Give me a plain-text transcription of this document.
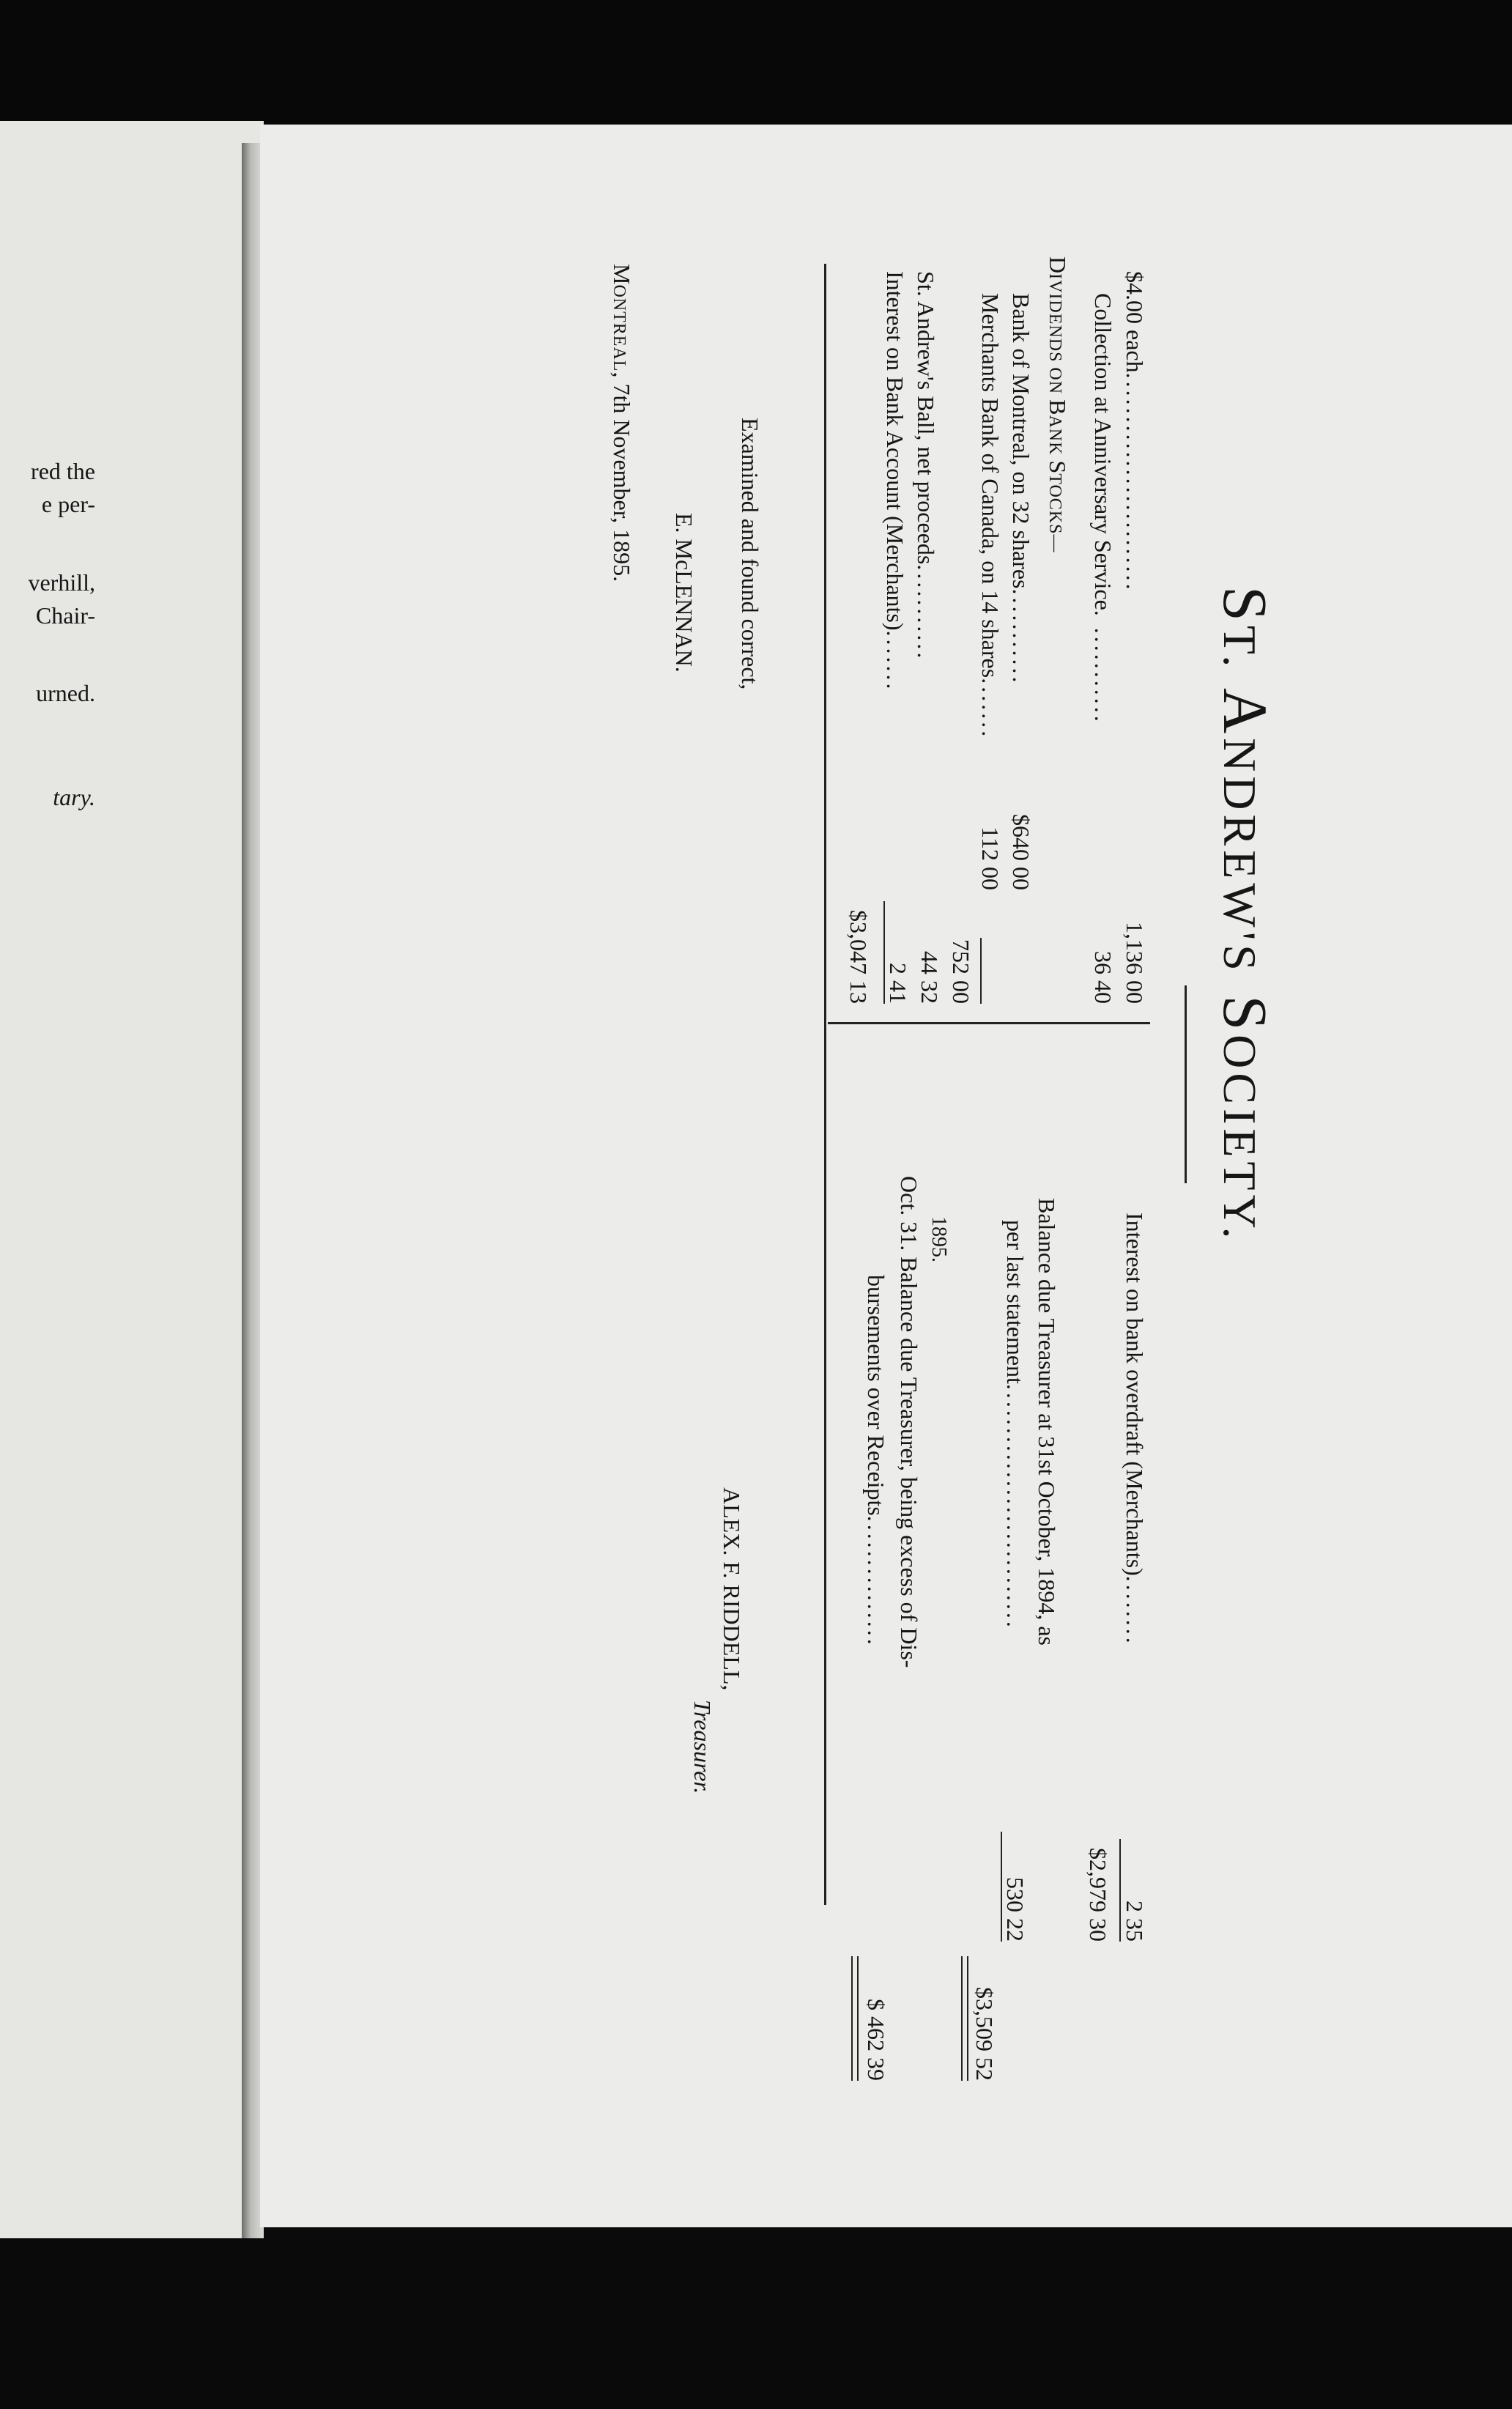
red the
e per-
verhill,
Chair-
urned.
tary.
ST. ANDREW'S SOCIETY.
$4.00 each.........................
1,136 00
Collection at Anniversary Service. ...........
36 40
DIVIDENDS ON BANK STOCKS—
Bank of Montreal, on 32 shares...........
$640 00
Merchants Bank of Canada, on 14 shares.......
112 00
752 00
St. Andrew's Ball, net proceeds...........
44 32
Interest on Bank Account (Merchants).......
2 41
$3,047 13
Interest on bank overdraft (Merchants)........
2 35
$2,979 30
Balance due Treasurer at 31st October, 1894, as
per last statement............................
530 22
$3,509 52
1895.
Oct. 31. Balance due Treasurer, being excess of Dis-
bursements over Receipts...............
$ 462 39
Examined and found correct,
E. McLENNAN.
ALEX. F. RIDDELL,
Treasurer.
MONTREAL, 7th November, 1895.
